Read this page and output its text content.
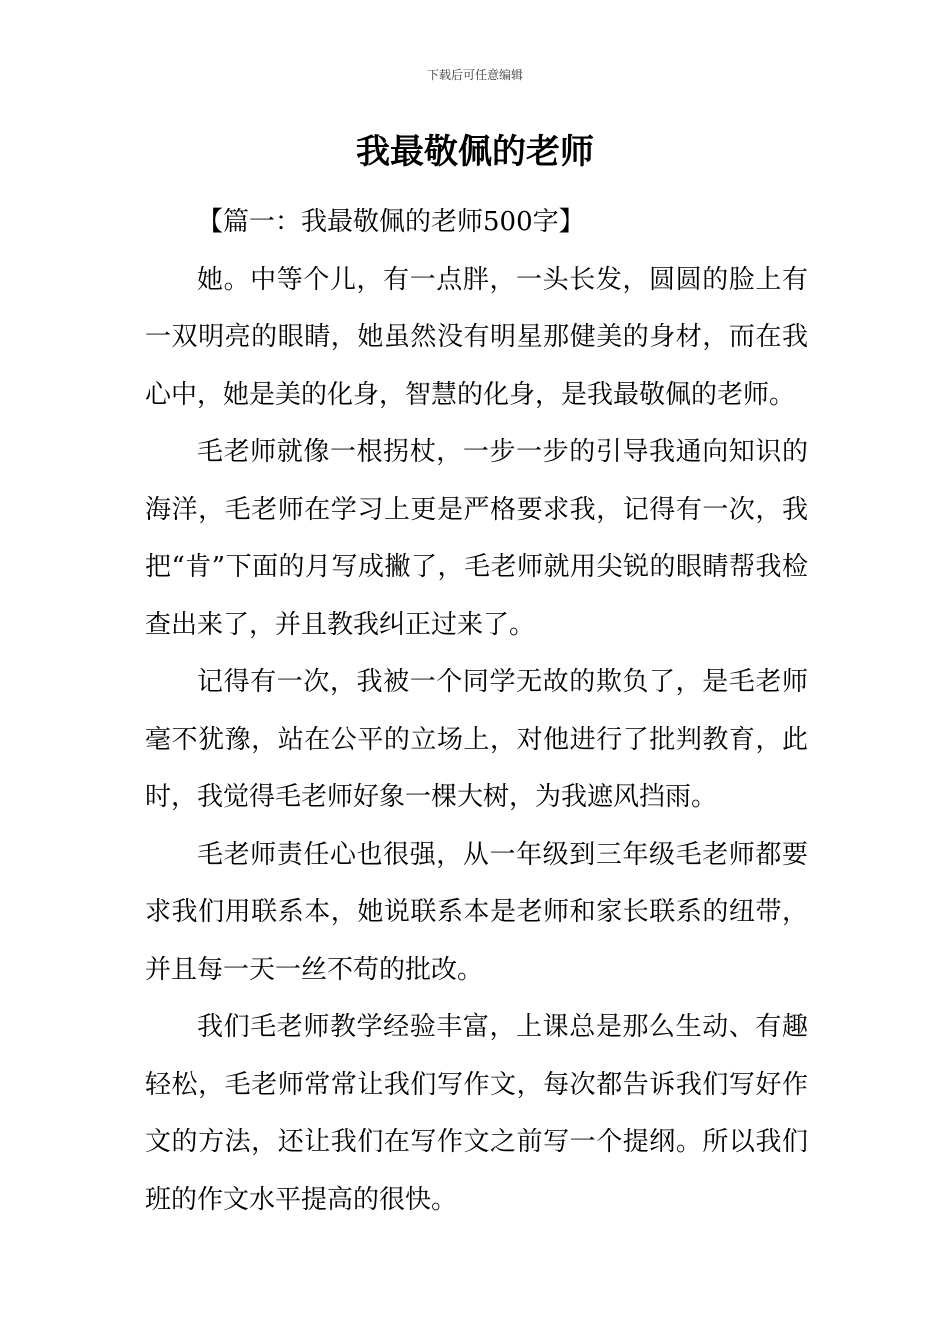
下载后可任意编辑
我最敬佩的老师

【篇一：我最敬佩的老师500字】

她。中等个儿，有一点胖，一头长发，圆圆的脸上有一双明亮的眼睛，她虽然没有明星那健美的身材，而在我心中，她是美的化身，智慧的化身，是我最敬佩的老师。

毛老师就像一根拐杖，一步一步的引导我通向知识的海洋，毛老师在学习上更是严格要求我，记得有一次，我把“肯”下面的月写成撇了，毛老师就用尖锐的眼睛帮我检查出来了，并且教我纠正过来了。

记得有一次，我被一个同学无故的欺负了，是毛老师毫不犹豫，站在公平的立场上，对他进行了批判教育，此时，我觉得毛老师好象一棵大树，为我遮风挡雨。

毛老师责任心也很强，从一年级到三年级毛老师都要求我们用联系本，她说联系本是老师和家长联系的纽带，并且每一天一丝不苟的批改。

我们毛老师教学经验丰富，上课总是那么生动、有趣轻松，毛老师常常让我们写作文，每次都告诉我们写好作文的方法，还让我们在写作文之前写一个提纲。所以我们班的作文水平提高的很快。
